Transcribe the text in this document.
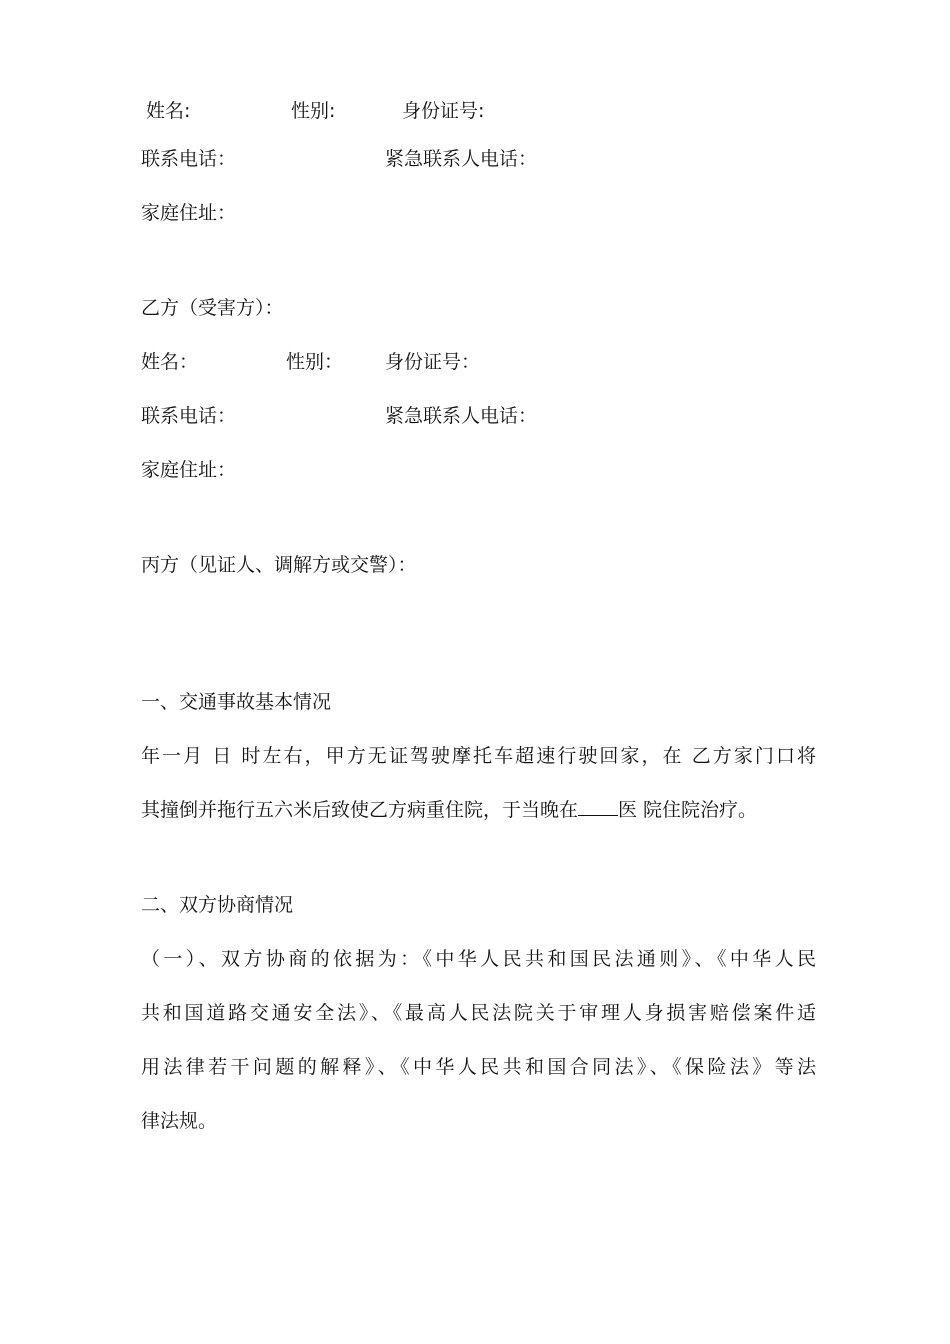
姓名:	性别:	身份证号:
联系电话：	紧急联系人电话：
家庭住址：
乙方（受害方）：
姓名：	性别： 身份证号：
联系电话：	紧急联系人电话：
家庭住址：
丙方（见证人、调解方或交警）：
一、交通事故基本情况
年一月 日 时左右，甲方无证驾驶摩托车超速行驶回家，在 乙方家门口将
其撞倒并拖行五六米后致使乙方病重住院，于当晚在 医 院住院治疗。
二、双方协商情况
（一）、双方协商的依据为：《中华人民共和国民法通则》、《中华人民
共和国道路交通安全法》、《最高人民法院关于审理人身损害赔偿案件适
用法律若干问题的解释》、《中华人民共和国合同法》、《保险法》等法
律法规。
